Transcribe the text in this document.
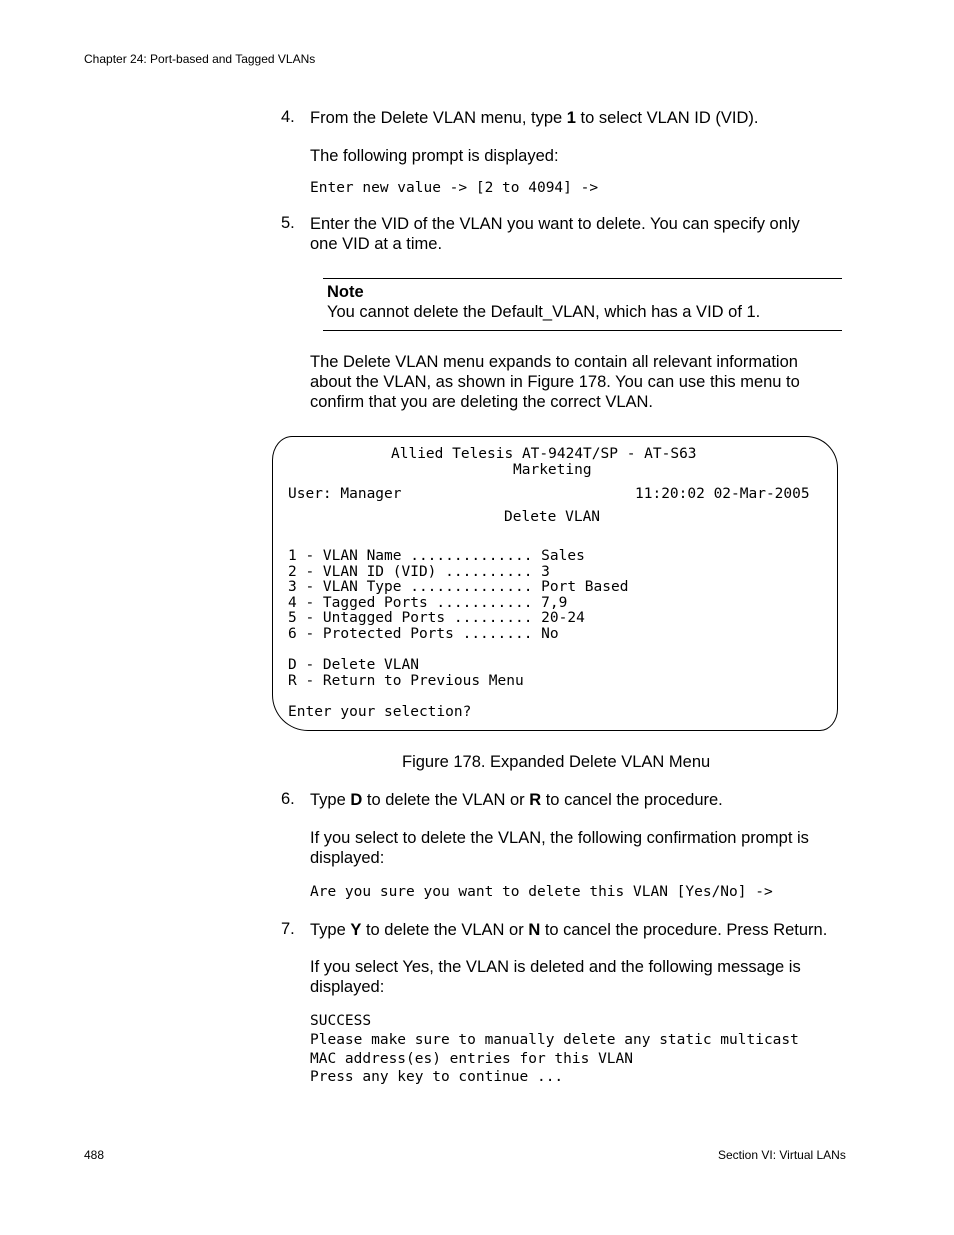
Chapter 24: Port-based and Tagged VLANs
4. From the Delete VLAN menu, type 1 to select VLAN ID (VID).
The following prompt is displayed:
Enter new value -> [2 to 4094] ->
5. Enter the VID of the VLAN you want to delete. You can specify only
one VID at a time.
Note
You cannot delete the Default_VLAN, which has a VID of 1.
The Delete VLAN menu expands to contain all relevant information
about the VLAN, as shown in Figure 178. You can use this menu to
confirm that you are deleting the correct VLAN.
Allied Telesis AT-9424T/SP - AT-S63
Marketing
User: Manager	11:20:02 02-Mar-2005
Delete VLAN
1 - VLAN Name .............. Sales
2 - VLAN ID (VID) .......... 3
3 - VLAN Type .............. Port Based
4 - Tagged Ports ........... 7,9
5 - Untagged Ports ......... 20-24
6 - Protected Ports ........ No
D - Delete VLAN
R - Return to Previous Menu
Enter your selection?
Figure 178. Expanded Delete VLAN Menu
6. Type D to delete the VLAN or R to cancel the procedure.
If you select to delete the VLAN, the following confirmation prompt is
displayed:
Are you sure you want to delete this VLAN [Yes/No] ->
7. Type Y to delete the VLAN or N to cancel the procedure. Press Return.
If you select Yes, the VLAN is deleted and the following message is
displayed:
SUCCESS
Please make sure to manually delete any static multicast
MAC address(es) entries for this VLAN
Press any key to continue ...
488	Section VI: Virtual LANs
